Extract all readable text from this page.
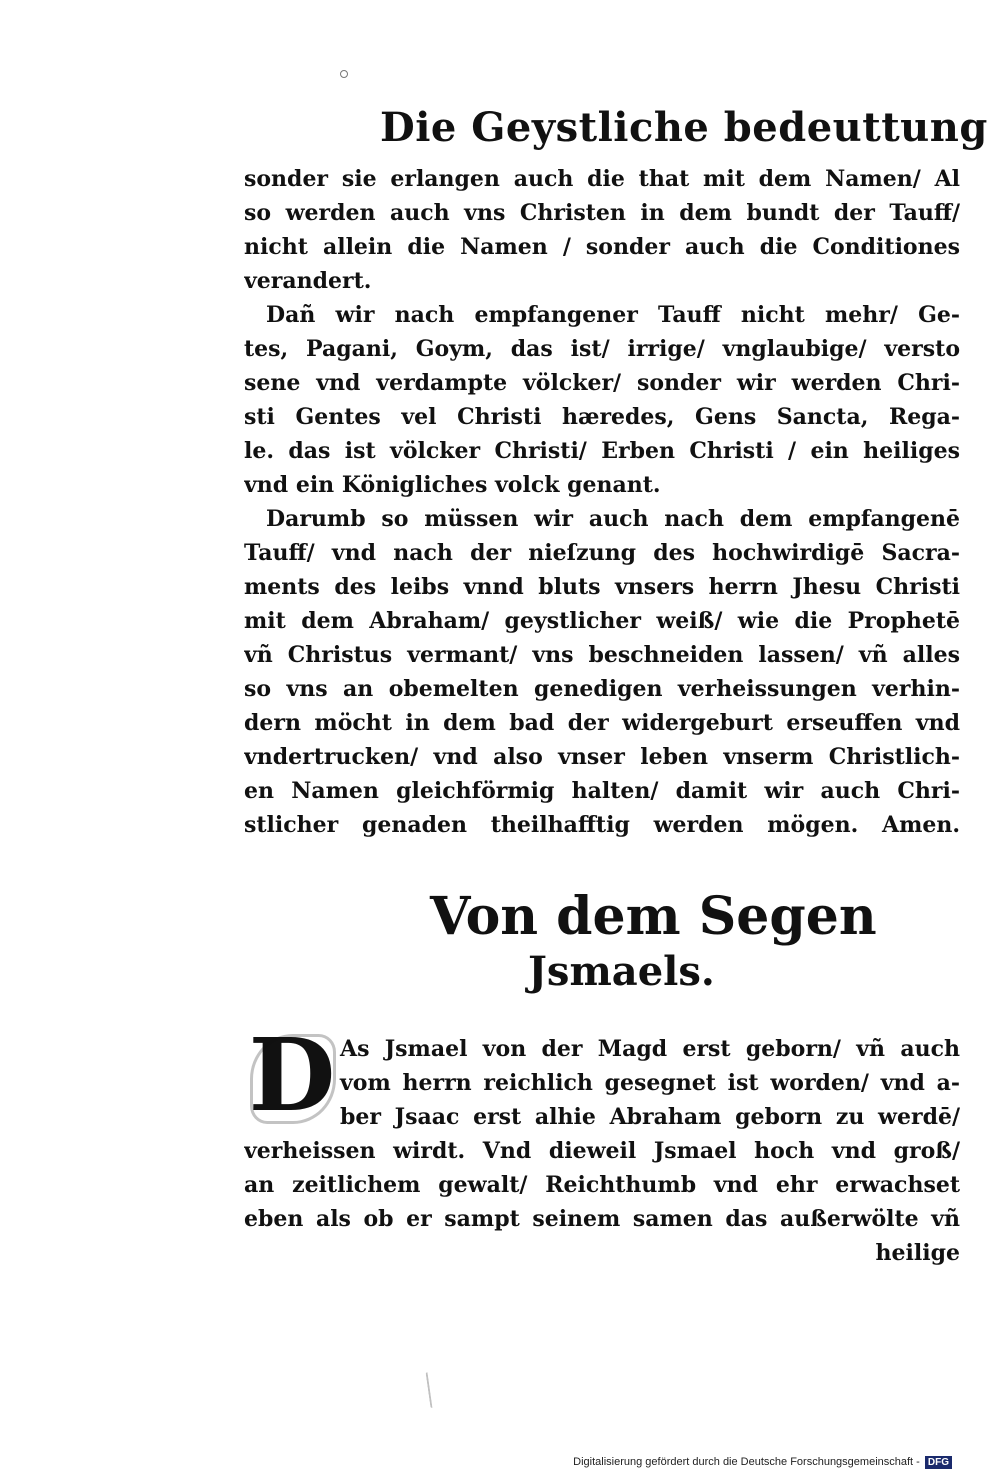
Die Geystliche bedeuttung
sonder sie erlangen auch die that mit dem Namen/ Al
so werden auch vns Christen in dem bundt der Tauff/
nicht allein die Namen / sonder auch die Conditiones
verandert.
Dañ wir nach empfangener Tauff nicht mehr/ Ge-
tes, Pagani, Goym, das ist/ irrige/ vnglaubige/ versto
sene vnd verdampte völcker/ sonder wir werden Chri-
sti Gentes vel Christi hæredes, Gens Sancta, Rega-
le. das ist völcker Christi/ Erben Christi / ein heiliges
vnd ein Königliches volck genant.
Darumb so müssen wir auch nach dem empfangenē
Tauff/ vnd nach der nieſzung des hochwirdigē Sacra-
ments des leibs vnnd bluts vnsers herrn Jhesu Christi
mit dem Abraham/ geystlicher weiß/ wie die Prophetē
vñ Christus vermant/ vns beschneiden lassen/ vñ alles
so vns an obemelten genedigen verheissungen verhin-
dern möcht in dem bad der widergeburt ersеuffen vnd
vndertrucken/ vnd also vnser leben vnserm Christlich-
en Namen gleichförmig halten/ damit wir auch Chri-
stlicher genaden theilhafftig werden mögen. Amen.
Von dem Segen
Jsmaels.
D As Jsmael von der Magd erst geborn/ vñ auch
vom herrn reichlich gesegnet ist worden/ vnd a-
ber Jsaac erst alhie Abraham geborn zu werdē/
verheissen wirdt. Vnd dieweil Jsmael hoch vnd groß/
an zeitlichem gewalt/ Reichthumb vnd ehr erwachset
eben als ob er sampt seinem samen das außerwölte vñ
heilige
Digitalisierung gefördert durch die Deutsche Forschungsgemeinschaft - DFG
